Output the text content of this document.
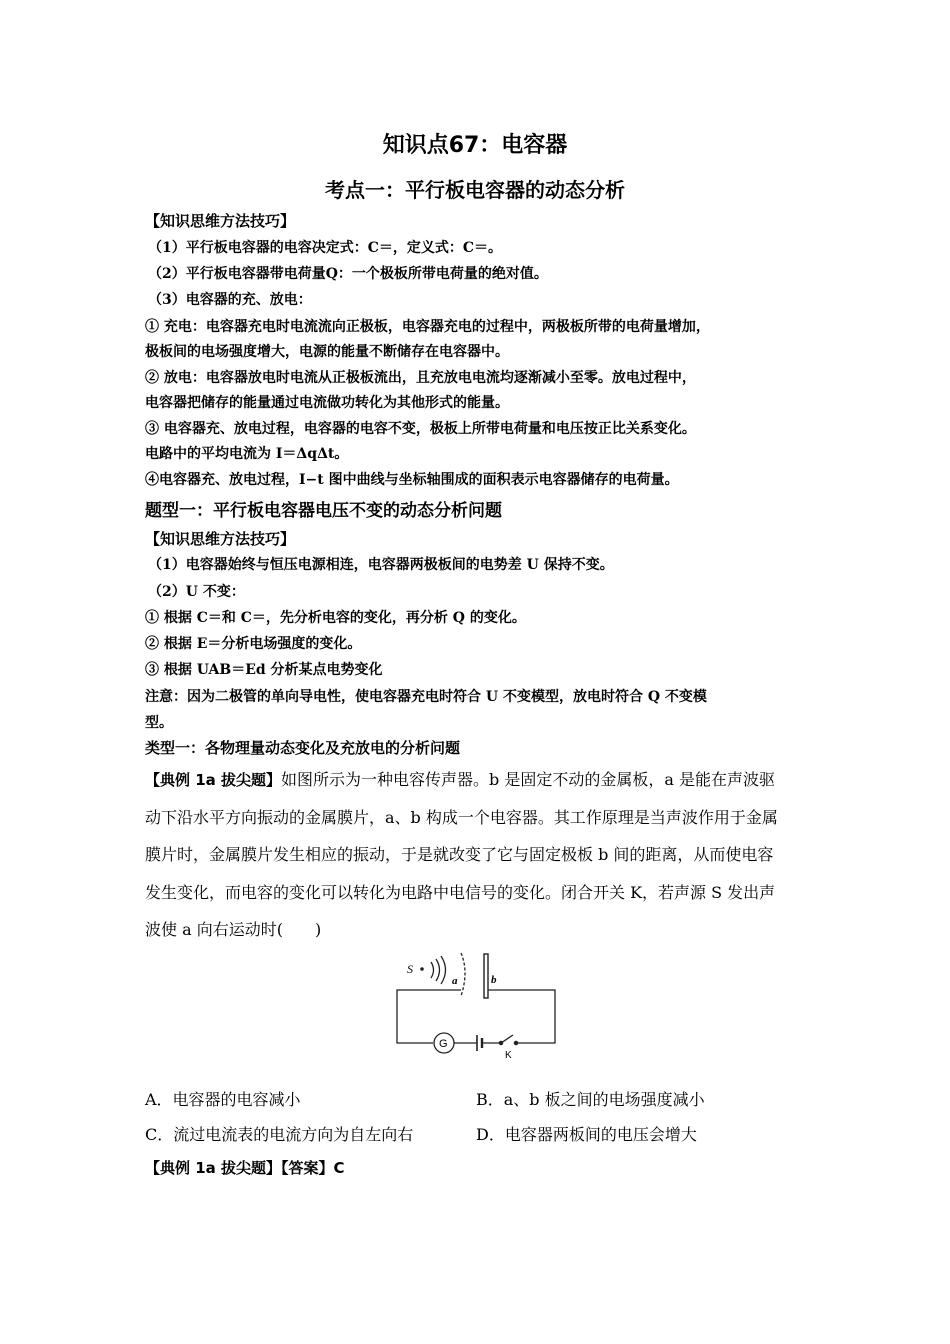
知识点67：电容器
考点一：平行板电容器的动态分析
【知识思维方法技巧】
（1）平行板电容器的电容决定式：C＝，定义式：C＝。
（2）平行板电容器带电荷量Q：一个极板所带电荷量的绝对值。
（3）电容器的充、放电：
① 充电：电容器充电时电流流向正极板，电容器充电的过程中，两极板所带的电荷量增加，
极板间的电场强度增大，电源的能量不断储存在电容器中。
② 放电：电容器放电时电流从正极板流出，且充放电电流均逐渐减小至零。放电过程中，
电容器把储存的能量通过电流做功转化为其他形式的能量。
③ 电容器充、放电过程，电容器的电容不变，极板上所带电荷量和电压按正比关系变化。
电路中的平均电流为 I＝ΔqΔt。
④电容器充、放电过程，I−t 图中曲线与坐标轴围成的面积表示电容器储存的电荷量。
题型一：平行板电容器电压不变的动态分析问题
【知识思维方法技巧】
（1）电容器始终与恒压电源相连，电容器两极板间的电势差 U 保持不变。
（2）U 不变：
① 根据 C＝和 C＝，先分析电容的变化，再分析 Q 的变化。
② 根据 E＝分析电场强度的变化。
③ 根据 UAB＝Ed 分析某点电势变化
注意：因为二极管的单向导电性，使电容器充电时符合 U 不变模型，放电时符合 Q 不变模
型。
类型一：各物理量动态变化及充放电的分析问题
【典例 1a 拔尖题】如图所示为一种电容传声器。b 是固定不动的金属板，a 是能在声波驱
动下沿水平方向振动的金属膜片，a、b 构成一个电容器。其工作原理是当声波作用于金属
膜片时，金属膜片发生相应的振动，于是就改变了它与固定极板 b 间的距离，从而使电容
发生变化，而电容的变化可以转化为电路中电信号的变化。闭合开关 K，若声源 S 发出声
波使 a 向右运动时(　　)
S
a	b
G
K
A．电容器的电容减小	B．a、b 板之间的电场强度减小
C．流过电流表的电流方向为自左向右	D．电容器两板间的电压会增大
【典例 1a 拔尖题】【答案】C
